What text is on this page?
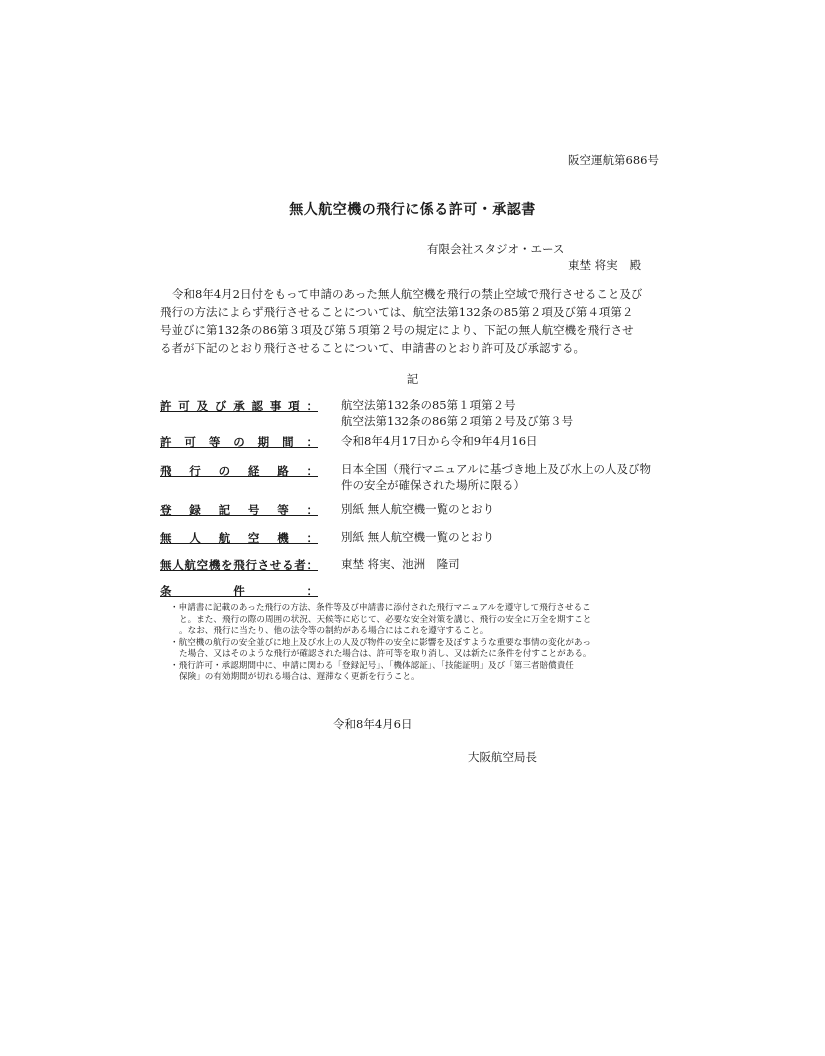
阪空運航第686号
無人航空機の飛行に係る許可・承認書
有限会社スタジオ・エース
東埜 将実 殿
令和8年4月2日付をもって申請のあった無人航空機を飛行の禁止空域で飛行させること及び
飛行の方法によらず飛行させることについては、航空法第132条の85第２項及び第４項第２
号並びに第132条の86第３項及び第５項第２号の規定により、下記の無人航空機を飛行させ
る者が下記のとおり飛行させることについて、申請書のとおり許可及び承認する。
記
許可及び承認事項： 航空法第132条の85第１項第２号
航空法第132条の86第２項第２号及び第３号
許可等の期間： 令和8年4月17日から令和9年4月16日
飛行の経路： 日本全国（飛行マニュアルに基づき地上及び水上の人及び物
件の安全が確保された場所に限る）
登録記号等： 別紙 無人航空機一覧のとおり
無人航空機： 別紙 無人航空機一覧のとおり
無人航空機を飛行させる者： 東埜 将実、池洲　隆司
条件：
・申請書に記載のあった飛行の方法、条件等及び申請書に添付された飛行マニュアルを遵守して飛行させるこ
と。また、飛行の際の周囲の状況、天候等に応じて、必要な安全対策を講じ、飛行の安全に万全を期すこと
。なお、飛行に当たり、他の法令等の制約がある場合にはこれを遵守すること。
・航空機の航行の安全並びに地上及び水上の人及び物件の安全に影響を及ぼすような重要な事情の変化があっ
た場合、又はそのような飛行が確認された場合は、許可等を取り消し、又は新たに条件を付すことがある。
・飛行許可・承認期間中に、申請に関わる「登録記号」、「機体認証」、「技能証明」及び「第三者賠償責任
保険」の有効期間が切れる場合は、遅滞なく更新を行うこと。
令和8年4月6日
大阪航空局長
